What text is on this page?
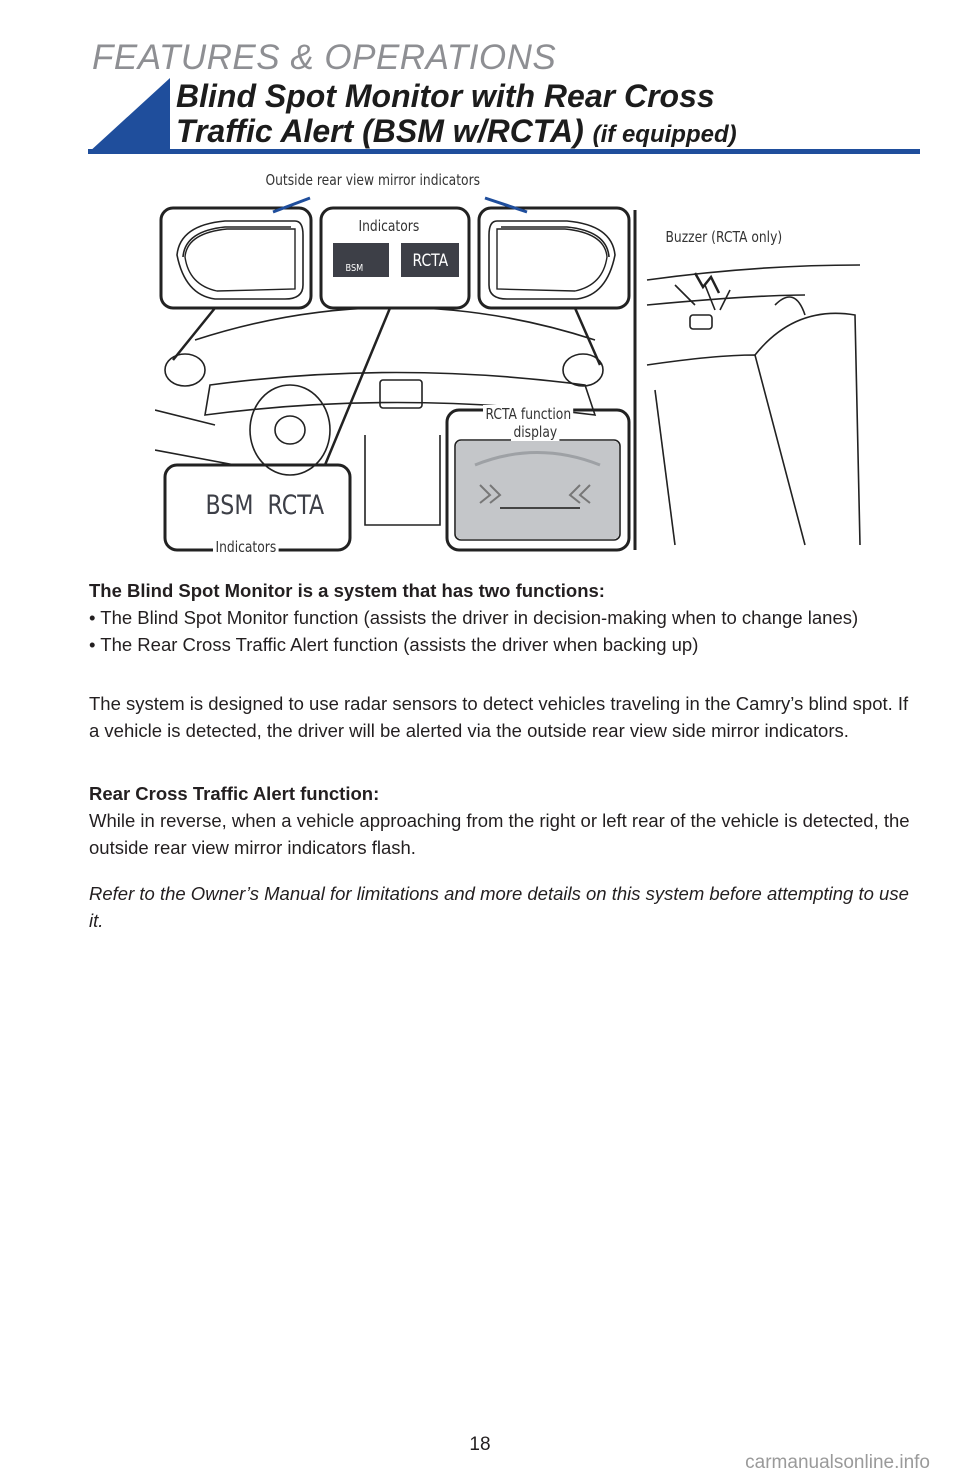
FEATURES & OPERATIONS
Blind Spot Monitor with Rear Cross
Traffic Alert (BSM w/RCTA) (if equipped)
Outside rear view mirror indicators
Indicators
BSM	RCTA
Buzzer (RCTA only)
RCTA function
display
BSM  RCTA
Indicators

The Blind Spot Monitor is a system that has two functions:

• The Blind Spot Monitor function (assists the driver in decision-making when to change lanes)

• The Rear Cross Traffic Alert function (assists the driver when backing up)

The system is designed to use radar sensors to detect vehicles traveling in the Camry’s blind spot. If a vehicle is detected, the driver will be alerted via the outside rear view side mirror indicators.

Rear Cross Traffic Alert function:

While in reverse, when a vehicle approaching from the right or left rear of the vehicle is detected, the outside rear view mirror indicators flash.

Refer to the Owner’s Manual for limitations and more details on this system before attempting to use it.

18
carmanualsonline.info
